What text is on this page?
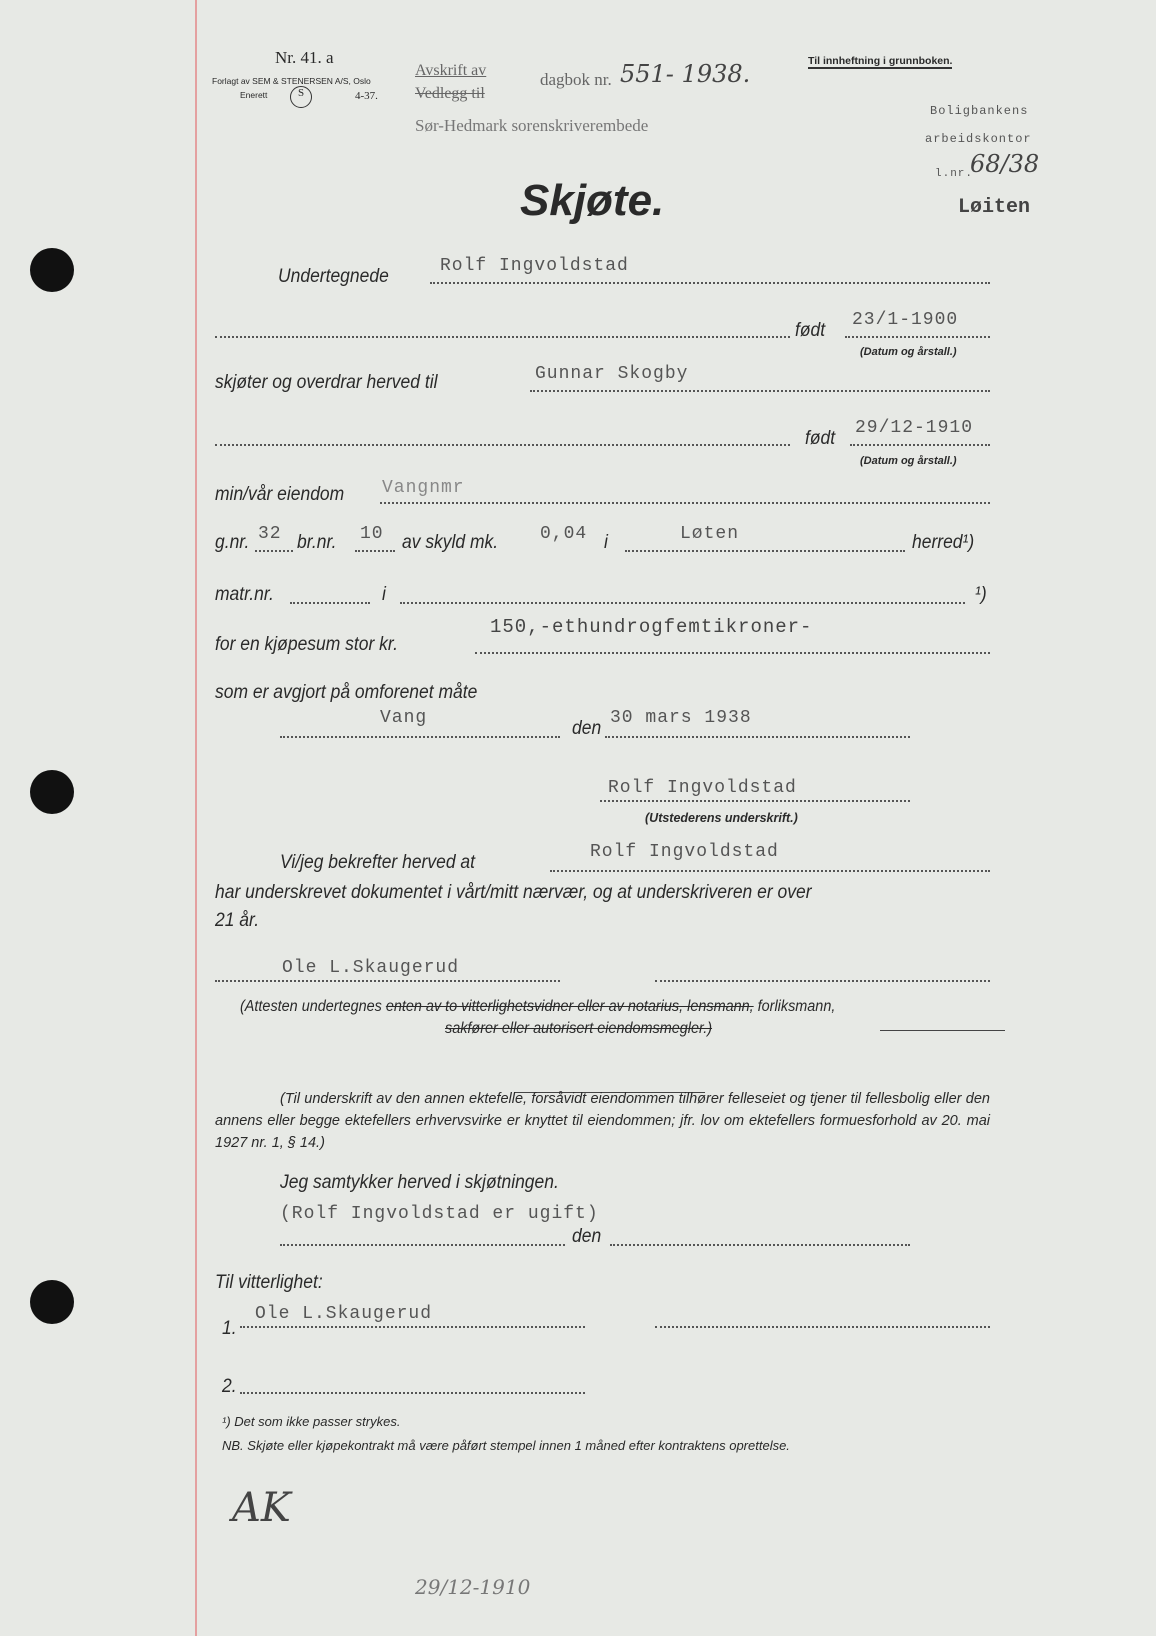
Nr. 41. a
Forlagt av SEM & STENERSEN A/S, Oslo
Enerett	S	4-37.
Avskrift av
Vedlegg til
dagbok nr. 551- 1938.
Sør-Hedmark sorenskriverembede
Til innheftning i grunnboken.
Boligbankens
arbeidskontor
l.nr.
68/38
Løiten
Skjøte.
Undertegnede	Rolf Ingvoldstad
født 23/1-1900
(Datum og årstall.)
skjøter og overdrar herved til	Gunnar Skogby
født 29/12-1910
(Datum og årstall.)
min/vår eiendom Vangnmr
g.nr. 32 br.nr. 10 av skyld mk. 0,04 i	Løten	herred¹)
matr.nr.	i	¹)
for en kjøpesum stor kr.
150,-ethundrogfemtikroner-
som er avgjort på omforenet måte
Vang	den 30 mars 1938
Rolf Ingvoldstad
(Utstederens underskrift.)
Vi/jeg bekrefter herved at	Rolf Ingvoldstad
har underskrevet dokumentet i vårt/mitt nærvær, og at underskriveren er over
21 år.
Ole L.Skaugerud
(Attesten undertegnes enten av to vitterlighetsvidner eller av notarius, lensmann, forliksmann,
sakfører eller autorisert eiendomsmegler.)
(Til underskrift av den annen ektefelle, forsåvidt eiendommen tilhører felleseiet og tjener til fellesbolig eller den annens eller begge ektefellers erhvervsvirke er knyttet til eiendommen; jfr. lov om ektefellers formuesforhold av 20. mai 1927 nr. 1, § 14.)
Jeg samtykker herved i skjøtningen.
(Rolf Ingvoldstad er ugift)
den
Til vitterlighet:
1.
Ole L.Skaugerud
2.
¹) Det som ikke passer strykes.
NB. Skjøte eller kjøpekontrakt må være påført stempel innen 1 måned efter kontraktens oprettelse.
AK
29/12-1910
